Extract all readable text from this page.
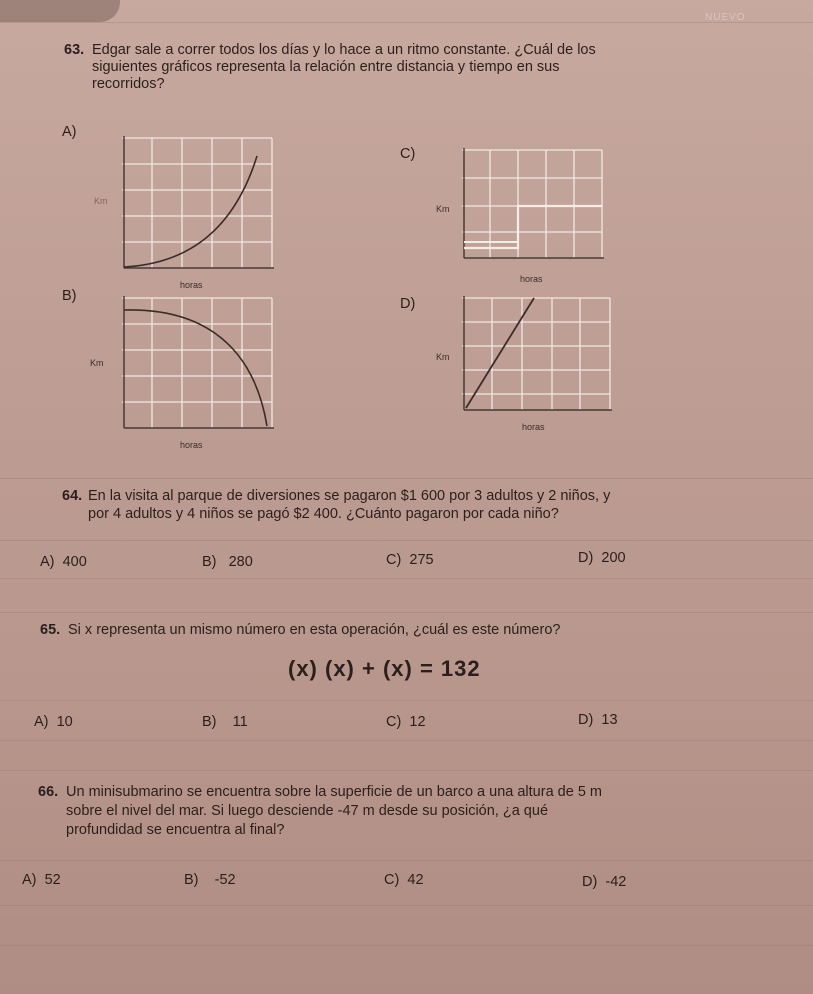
NUEVO
63. Edgar sale a correr todos los días y lo hace a un ritmo constante. ¿Cuál de los
siguientes gráficos representa la relación entre distancia y tiempo en sus
recorridos?
A)
Km
horas
B)
Km
horas
C)
Km
horas
D)
Km
horas
64. En la visita al parque de diversiones se pagaron $1 600 por 3 adultos y 2 niños, y
por 4 adultos y 4 niños se pagó $2 400. ¿Cuánto pagaron por cada niño?
A) 400	B) 280	C) 275	D) 200
65. Si x representa un mismo número en esta operación, ¿cuál es este número?
(x) (x) + (x) = 132
A) 10	B) 11	C) 12	D) 13
66. Un minisubmarino se encuentra sobre la superficie de un barco a una altura de 5 m
sobre el nivel del mar. Si luego desciende -47 m desde su posición, ¿a qué
profundidad se encuentra al final?
A) 52	B) -52	C) 42	D) -42
